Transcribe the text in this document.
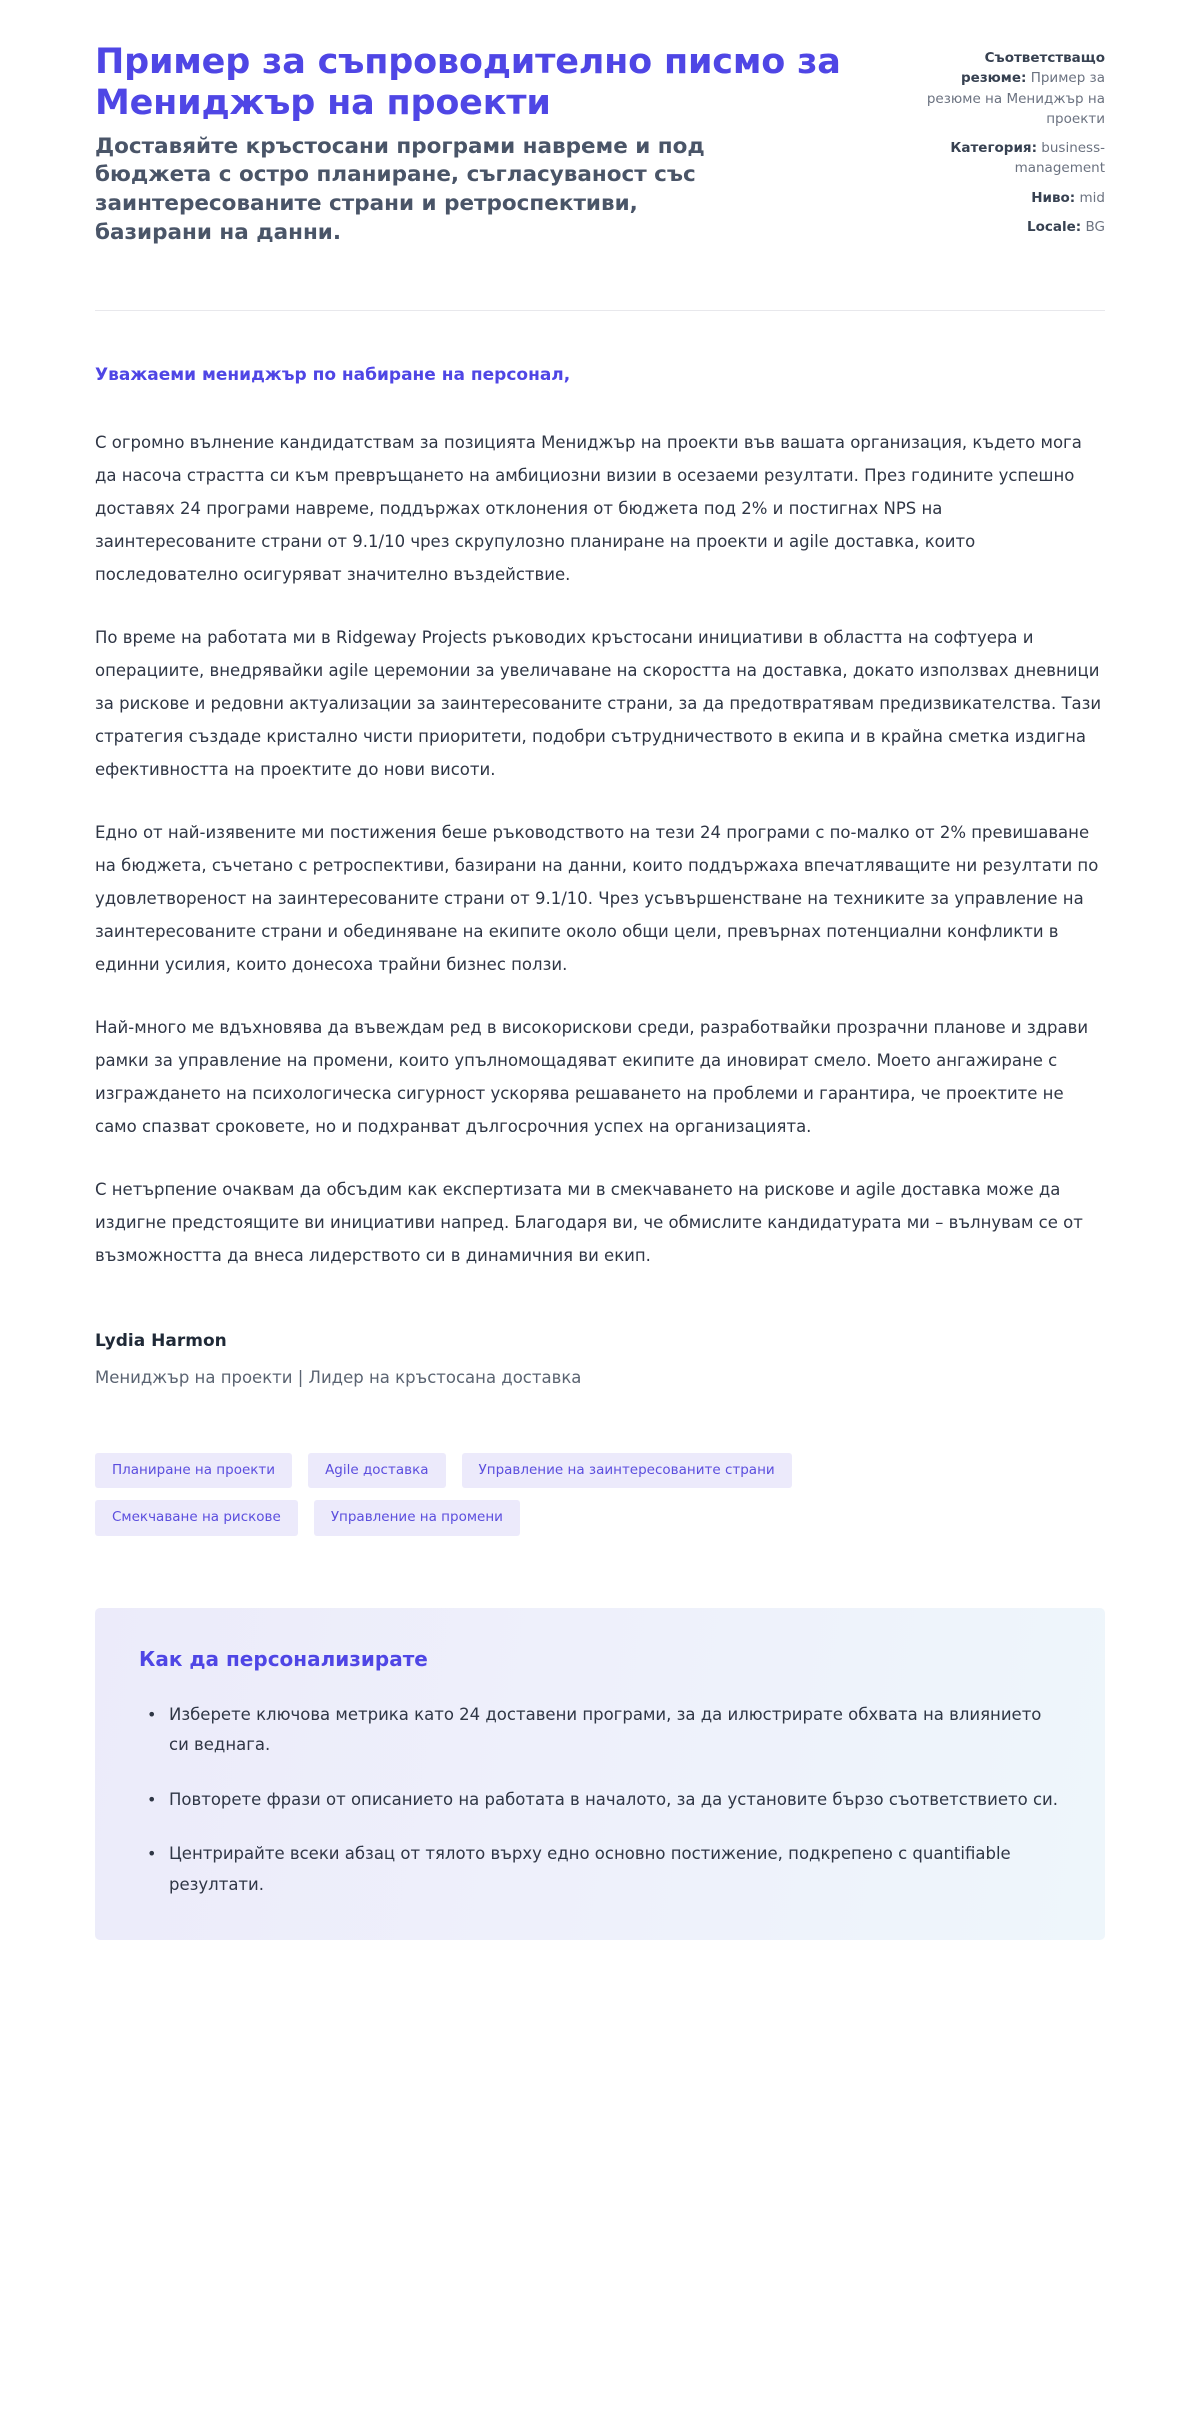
Пример за съпроводително писмо за Мениджър на проекти

Доставяйте кръстосани програми навреме и под бюджета с остро планиране, съгласуваност със заинтересованите страни и ретроспективи, базирани на данни.

Съответстващо резюме: Пример за резюме на Мениджър на проекти
Категория: business-management
Ниво: mid
Locale: BG

Уважаеми мениджър по набиране на персонал,

С огромно вълнение кандидатствам за позицията Мениджър на проекти във вашата организация, където мога да насоча страстта си към превръщането на амбициозни визии в осезаеми резултати. През годините успешно доставях 24 програми навреме, поддържах отклонения от бюджета под 2% и постигнах NPS на заинтересованите страни от 9.1/10 чрез скрупулозно планиране на проекти и agile доставка, които последователно осигуряват значително въздействие.

По време на работата ми в Ridgeway Projects ръководих кръстосани инициативи в областта на софтуера и операциите, внедрявайки agile церемонии за увеличаване на скоростта на доставка, докато използвах дневници за рискове и редовни актуализации за заинтересованите страни, за да предотвратявам предизвикателства. Тази стратегия създаде кристално чисти приоритети, подобри сътрудничеството в екипа и в крайна сметка издигна ефективността на проектите до нови висоти.

Едно от най-изявените ми постижения беше ръководството на тези 24 програми с по-малко от 2% превишаване на бюджета, съчетано с ретроспективи, базирани на данни, които поддържаха впечатляващите ни резултати по удовлетвореност на заинтересованите страни от 9.1/10. Чрез усъвършенстване на техниките за управление на заинтересованите страни и обединяване на екипите около общи цели, превърнах потенциални конфликти в единни усилия, които донесоха трайни бизнес ползи.

Най-много ме вдъхновява да въвеждам ред в високорискови среди, разработвайки прозрачни планове и здрави рамки за управление на промени, които упълномощадяват екипите да иновират смело. Моето ангажиране с изграждането на психологическа сигурност ускорява решаването на проблеми и гарантира, че проектите не само спазват сроковете, но и подхранват дългосрочния успех на организацията.

С нетърпение очаквам да обсъдим как експертизата ми в смекчаването на рискове и agile доставка може да издигне предстоящите ви инициативи напред. Благодаря ви, че обмислите кандидатурата ми – вълнувам се от възможността да внеса лидерството си в динамичния ви екип.

Lydia Harmon
Мениджър на проекти | Лидер на кръстосана доставка
Планиране на проекти	Agile доставка	Управление на заинтересованите страни
Смекчаване на рискове	Управление на промени
Как да персонализирате
• Изберете ключова метрика като 24 доставени програми, за да илюстрирате обхвата на влиянието си веднага.
• Повторете фрази от описанието на работата в началото, за да установите бързо съответствието си.
• Центрирайте всеки абзац от тялото върху едно основно постижение, подкрепено с quantifiable резултати.
